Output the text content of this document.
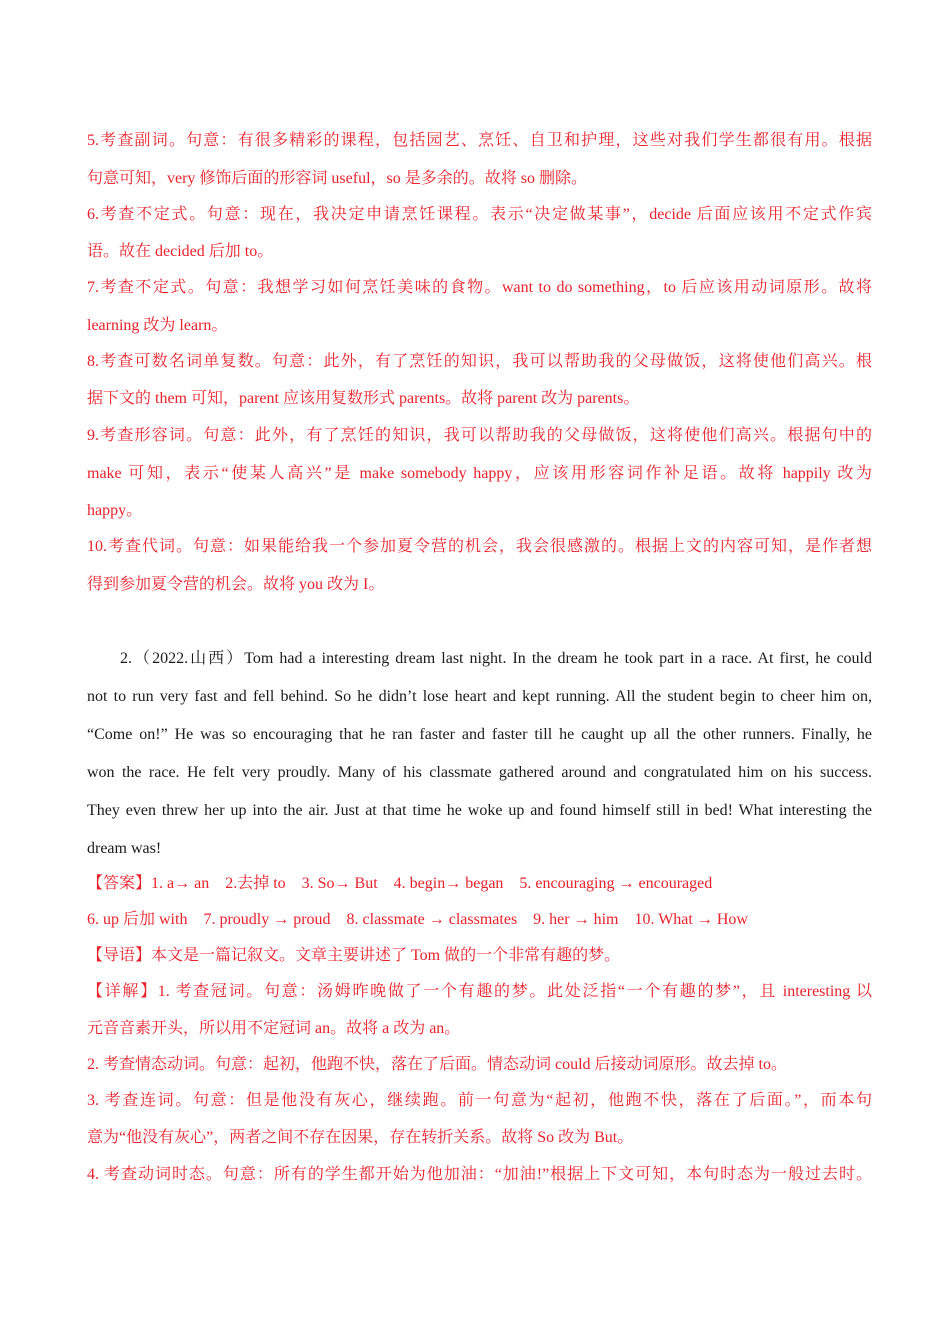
5.考查副词。句意：有很多精彩的课程，包括园艺、烹饪、自卫和护理，这些对我们学生都很有用。根据
句意可知，very 修饰后面的形容词 useful，so 是多余的。故将 so 删除。
6.考查不定式。句意：现在，我决定申请烹饪课程。表示“决定做某事”，decide 后面应该用不定式作宾
语。故在 decided 后加 to。
7.考查不定式。句意：我想学习如何烹饪美味的食物。want to do something，to 后应该用动词原形。故将
learning 改为 learn。
8.考查可数名词单复数。句意：此外，有了烹饪的知识，我可以帮助我的父母做饭，这将使他们高兴。根
据下文的 them 可知，parent 应该用复数形式 parents。故将 parent 改为 parents。
9.考查形容词。句意：此外，有了烹饪的知识，我可以帮助我的父母做饭，这将使他们高兴。根据句中的
make 可知，表示“使某人高兴”是 make somebody happy，应该用形容词作补足语。故将 happily 改为
happy。
10.考查代词。句意：如果能给我一个参加夏令营的机会，我会很感激的。根据上文的内容可知，是作者想
得到参加夏令营的机会。故将 you 改为 I。
2.（2022.山西）Tom had a interesting dream last night. In the dream he took part in a race. At first, he could
not to run very fast and fell behind. So he didn’t lose heart and kept running. All the student begin to cheer him on,
“Come on!” He was so encouraging that he ran faster and faster till he caught up all the other runners. Finally, he
won the race. He felt very proudly. Many of his classmate gathered around and congratulated him on his success.
They even threw her up into the air. Just at that time he woke up and found himself still in bed! What interesting the
dream was!
【答案】1. a→ an　2.去掉 to　3. So→ But　4. begin→ began　5. encouraging → encouraged
6. up 后加 with　7. proudly → proud　8. classmate → classmates　9. her → him　10. What → How
【导语】本文是一篇记叙文。文章主要讲述了 Tom 做的一个非常有趣的梦。
【详解】1. 考查冠词。句意：汤姆昨晚做了一个有趣的梦。此处泛指“一个有趣的梦”，且 interesting 以
元音音素开头，所以用不定冠词 an。故将 a 改为 an。
2. 考查情态动词。句意：起初，他跑不快，落在了后面。情态动词 could 后接动词原形。故去掉 to。
3. 考查连词。句意：但是他没有灰心，继续跑。前一句意为“起初，他跑不快，落在了后面。”，而本句
意为“他没有灰心”，两者之间不存在因果，存在转折关系。故将 So 改为 But。
4. 考查动词时态。句意：所有的学生都开始为他加油：“加油!”根据上下文可知，本句时态为一般过去时。
